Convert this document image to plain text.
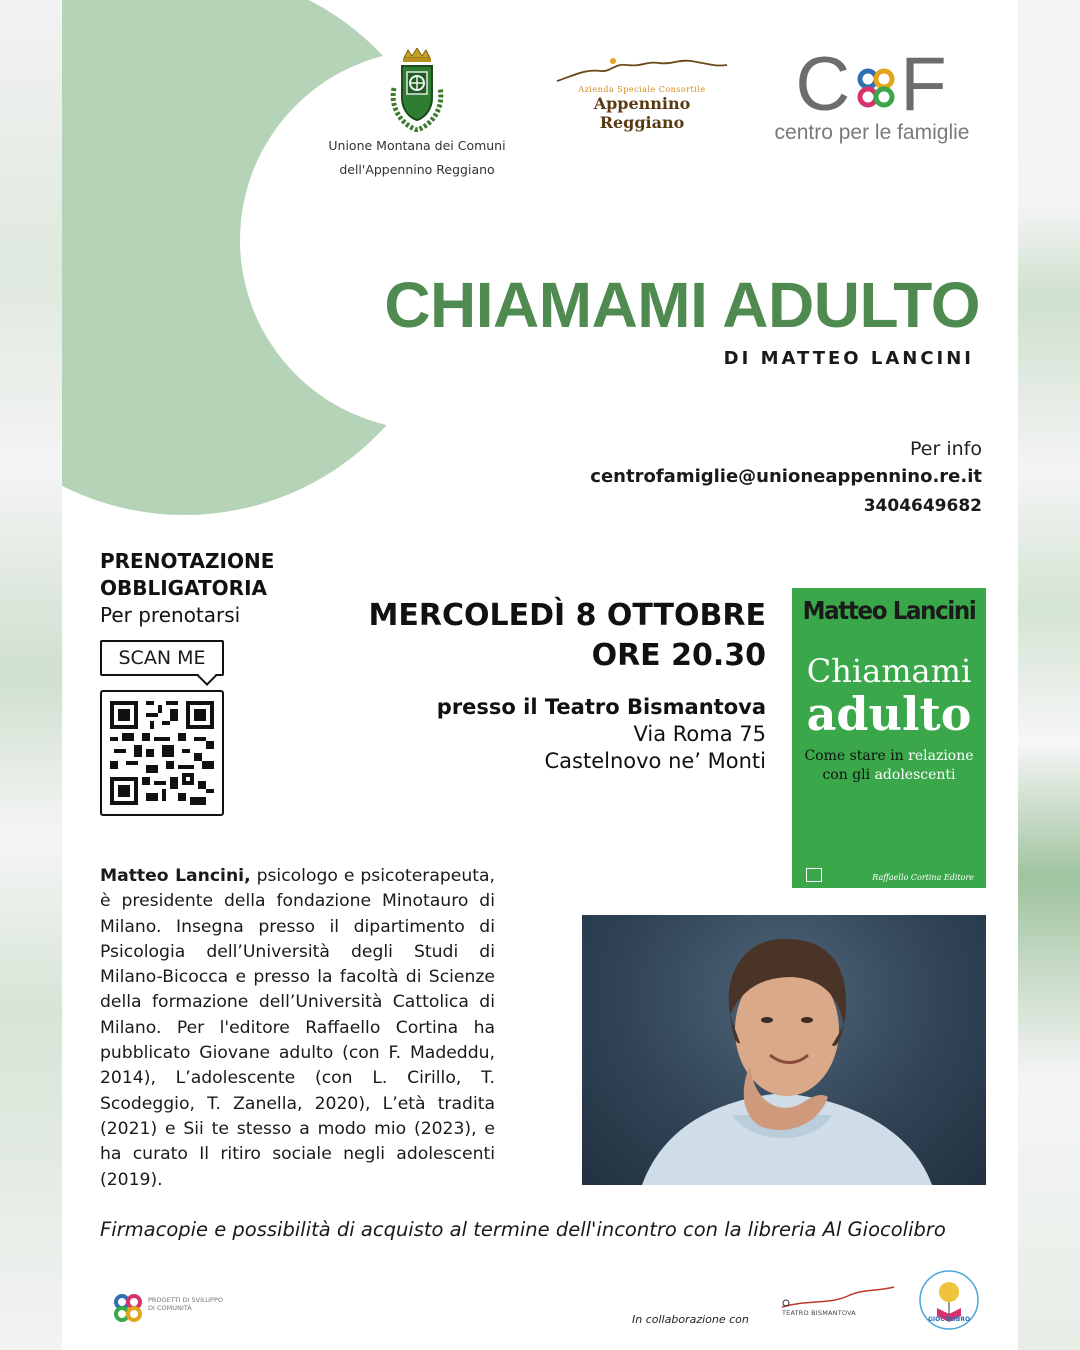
Unione Montana dei Comuni
dell'Appennino Reggiano
Azienda Speciale Consortile
Appennino Reggiano	C F
centro per le famiglie
CHIAMAMI ADULTO
DI MATTEO LANCINI
Per info
centrofamiglie@unioneappennino.re.it
3404649682
PRENOTAZIONE
OBBLIGATORIA
Per prenotarsi
SCAN ME
MERCOLEDÌ 8 OTTOBRE
ORE 20.30
presso il Teatro Bismantova
Via Roma 75
Castelnovo ne’ Monti
Matteo Lancini
Chiamami
adulto
Come stare in relazione
con gli adolescenti
Raffaello Cortina Editore
Matteo Lancini, psicologo e psicoterapeuta, è presidente della fondazione Minotauro di Milano. Insegna presso il dipartimento di Psicologia dell’Università degli Studi di Milano-Bicocca e presso la facoltà di Scienze della formazione dell’Università Cattolica di Milano. Per l'editore Raffaello Cortina ha pubblicato Giovane adulto (con F. Madeddu, 2014), L’adolescente (con L. Cirillo, T. Scodeggio, T. Zanella, 2020), L’età tradita (2021) e Sii te stesso a modo mio (2023), e ha curato Il ritiro sociale negli adolescenti (2019).
Firmacopie e possibilità di acquisto al termine dell'incontro con la libreria Al Giocolibro
PROGETTI DI SVILUPPO DI COMUNITÀ
In collaborazione con	TEATRO BISMANTOVA
GIOCOLIBRO
